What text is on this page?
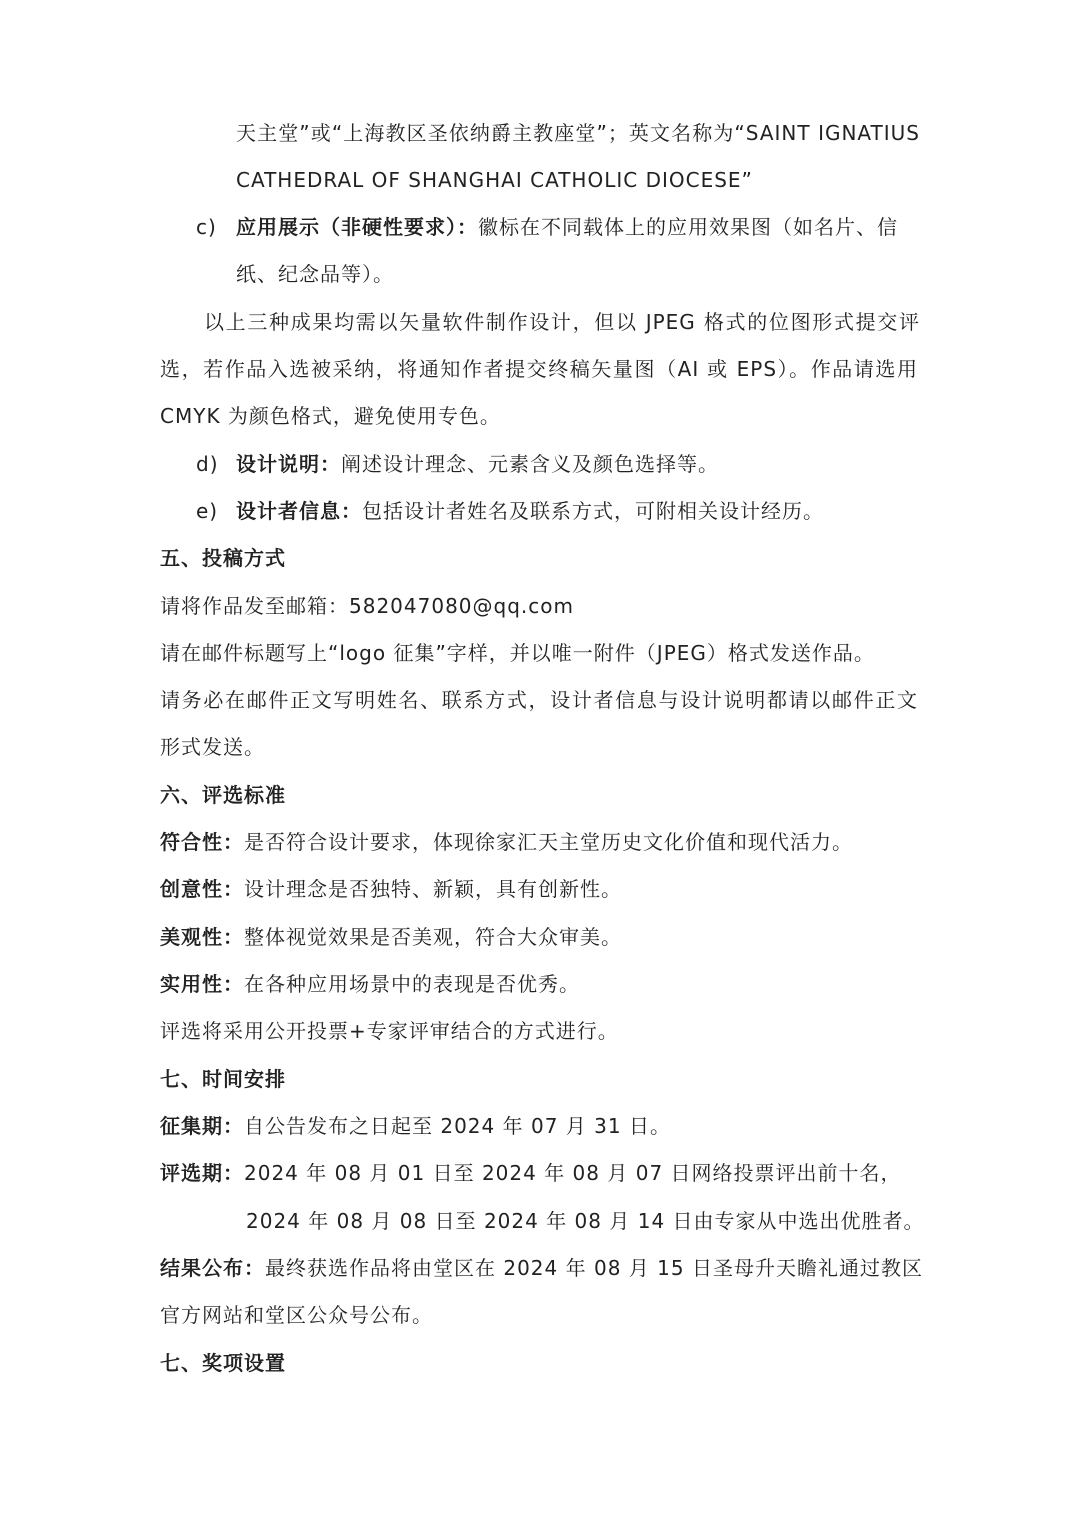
天主堂”或“上海教区圣依纳爵主教座堂”；英文名称为“SAINT IGNATIUS
CATHEDRAL OF SHANGHAI CATHOLIC DIOCESE”
c) 应用展示（非硬性要求）：徽标在不同载体上的应用效果图（如名片、信
纸、纪念品等）。
以上三种成果均需以矢量软件制作设计，但以 JPEG 格式的位图形式提交评
选，若作品入选被采纳，将通知作者提交终稿矢量图（AI 或 EPS）。作品请选用
CMYK 为颜色格式，避免使用专色。
d) 设计说明：阐述设计理念、元素含义及颜色选择等。
e) 设计者信息：包括设计者姓名及联系方式，可附相关设计经历。
五、投稿方式
请将作品发至邮箱：582047080@qq.com
请在邮件标题写上“logo 征集”字样，并以唯一附件（JPEG）格式发送作品。
请务必在邮件正文写明姓名、联系方式，设计者信息与设计说明都请以邮件正文
形式发送。
六、评选标准
符合性：是否符合设计要求，体现徐家汇天主堂历史文化价值和现代活力。
创意性：设计理念是否独特、新颖，具有创新性。
美观性：整体视觉效果是否美观，符合大众审美。
实用性：在各种应用场景中的表现是否优秀。
评选将采用公开投票+专家评审结合的方式进行。
七、时间安排
征集期：自公告发布之日起至 2024 年 07 月 31 日。
评选期：2024 年 08 月 01 日至 2024 年 08 月 07 日网络投票评出前十名，
2024 年 08 月 08 日至 2024 年 08 月 14 日由专家从中选出优胜者。
结果公布：最终获选作品将由堂区在 2024 年 08 月 15 日圣母升天瞻礼通过教区
官方网站和堂区公众号公布。
七、奖项设置
